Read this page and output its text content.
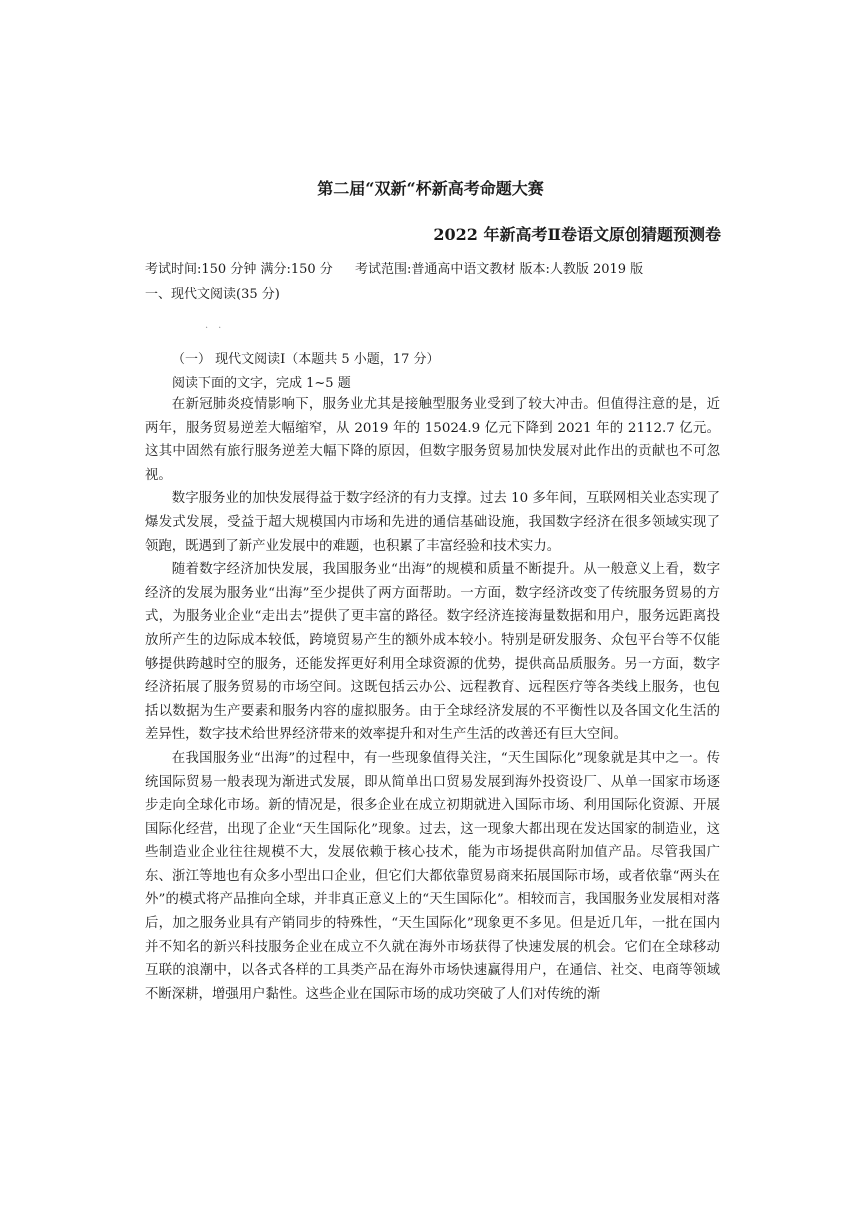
第二届“双新“杯新高考命题大赛
2022 年新高考Ⅱ卷语文原创猜题预测卷
考试时间:150 分钟 满分:150 分 考试范围:普通高中语文教材 版本:人教版 2019 版
一、现代文阅读(35 分)
··
（一） 现代文阅读Ⅰ（本题共 5 小题，17 分）
阅读下面的文字，完成 1~5 题

在新冠肺炎疫情影响下，服务业尤其是接触型服务业受到了较大冲击。但值得注意的是，近两年，服务贸易逆差大幅缩窄，从 2019 年的 15024.9 亿元下降到 2021 年的 2112.7 亿元。这其中固然有旅行服务逆差大幅下降的原因，但数字服务贸易加快发展对此作出的贡献也不可忽视。

数字服务业的加快发展得益于数字经济的有力支撑。过去 10 多年间，互联网相关业态实现了爆发式发展，受益于超大规模国内市场和先进的通信基础设施，我国数字经济在很多领域实现了领跑，既遇到了新产业发展中的难题，也积累了丰富经验和技术实力。

随着数字经济加快发展，我国服务业“出海”的规模和质量不断提升。从一般意义上看，数字经济的发展为服务业“出海”至少提供了两方面帮助。一方面，数字经济改变了传统服务贸易的方式，为服务业企业“走出去”提供了更丰富的路径。数字经济连接海量数据和用户，服务远距离投放所产生的边际成本较低，跨境贸易产生的额外成本较小。特别是研发服务、众包平台等不仅能够提供跨越时空的服务，还能发挥更好利用全球资源的优势，提供高品质服务。另一方面，数字经济拓展了服务贸易的市场空间。这既包括云办公、远程教育、远程医疗等各类线上服务，也包括以数据为生产要素和服务内容的虚拟服务。由于全球经济发展的不平衡性以及各国文化生活的差异性，数字技术给世界经济带来的效率提升和对生产生活的改善还有巨大空间。

在我国服务业“出海”的过程中，有一些现象值得关注，“天生国际化”现象就是其中之一。传统国际贸易一般表现为渐进式发展，即从简单出口贸易发展到海外投资设厂、从单一国家市场逐步走向全球化市场。新的情况是，很多企业在成立初期就进入国际市场、利用国际化资源、开展国际化经营，出现了企业“天生国际化”现象。过去，这一现象大都出现在发达国家的制造业，这些制造业企业往往规模不大，发展依赖于核心技术，能为市场提供高附加值产品。尽管我国广东、浙江等地也有众多小型出口企业，但它们大都依靠贸易商来拓展国际市场，或者依靠“两头在外”的模式将产品推向全球，并非真正意义上的“天生国际化”。相较而言，我国服务业发展相对落后，加之服务业具有产销同步的特殊性，“天生国际化”现象更不多见。但是近几年，一批在国内并不知名的新兴科技服务企业在成立不久就在海外市场获得了快速发展的机会。它们在全球移动互联的浪潮中，以各式各样的工具类产品在海外市场快速赢得用户，在通信、社交、电商等领域不断深耕，增强用户黏性。这些企业在国际市场的成功突破了人们对传统的渐
